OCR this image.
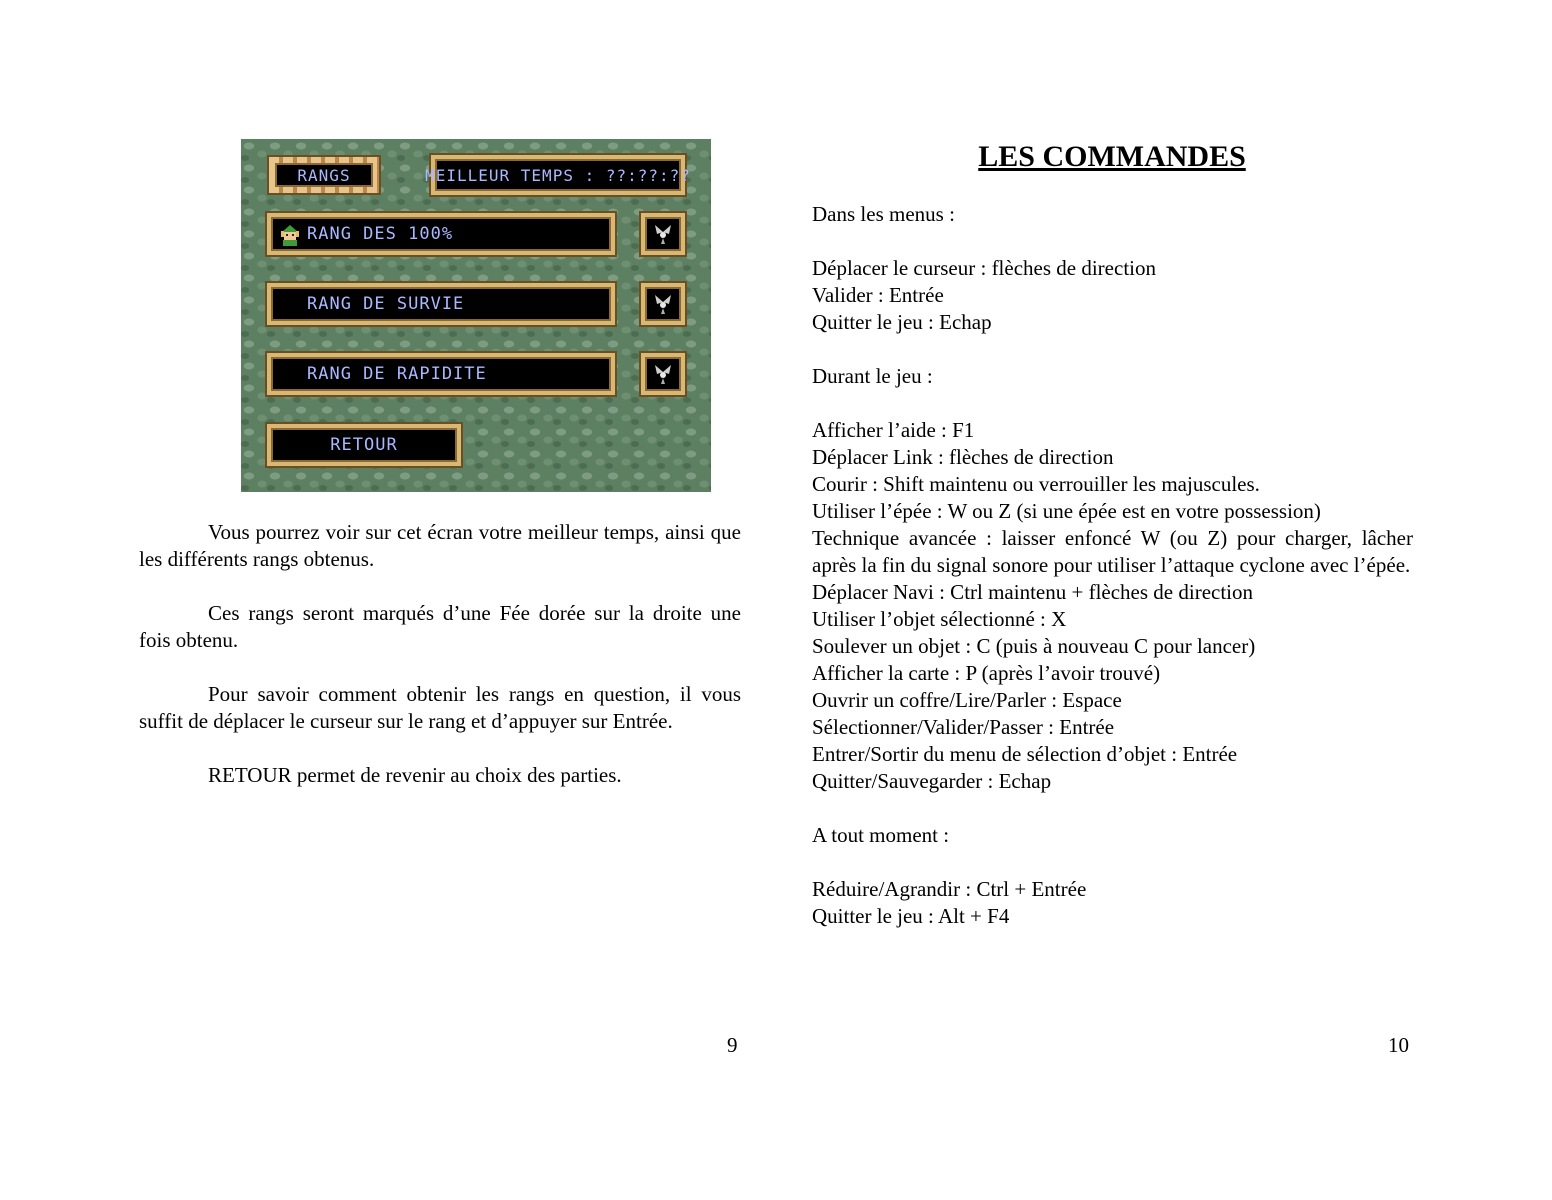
RANGS	MEILLEUR TEMPS : ??:??:??
RANG DES 100%
RANG DE SURVIE
RANG DE RAPIDITE
RETOUR

Vous pourrez voir sur cet écran votre meilleur temps, ainsi que les différents rangs obtenus.

Ces rangs seront marqués d’une Fée dorée sur la droite une fois obtenu.

Pour savoir comment obtenir les rangs en question, il vous suffit de déplacer le curseur sur le rang et d’appuyer sur Entrée.

RETOUR permet de revenir au choix des parties.

9
LES COMMANDES

Dans les menus :

Déplacer le curseur : flèches de direction

Valider : Entrée

Quitter le jeu : Echap

Durant le jeu :

Afficher l’aide : F1

Déplacer Link : flèches de direction

Courir : Shift maintenu ou verrouiller les majuscules.

Utiliser l’épée : W ou Z (si une épée est en votre possession)

Technique avancée : laisser enfoncé W (ou Z) pour charger, lâcher après la fin du signal sonore pour utiliser l’attaque cyclone avec l’épée.

Déplacer Navi : Ctrl maintenu + flèches de direction

Utiliser l’objet sélectionné : X

Soulever un objet : C (puis à nouveau C pour lancer)

Afficher la carte : P (après l’avoir trouvé)

Ouvrir un coffre/Lire/Parler : Espace

Sélectionner/Valider/Passer : Entrée

Entrer/Sortir du menu de sélection d’objet : Entrée

Quitter/Sauvegarder : Echap

A tout moment :

Réduire/Agrandir : Ctrl + Entrée

Quitter le jeu : Alt + F4

10
